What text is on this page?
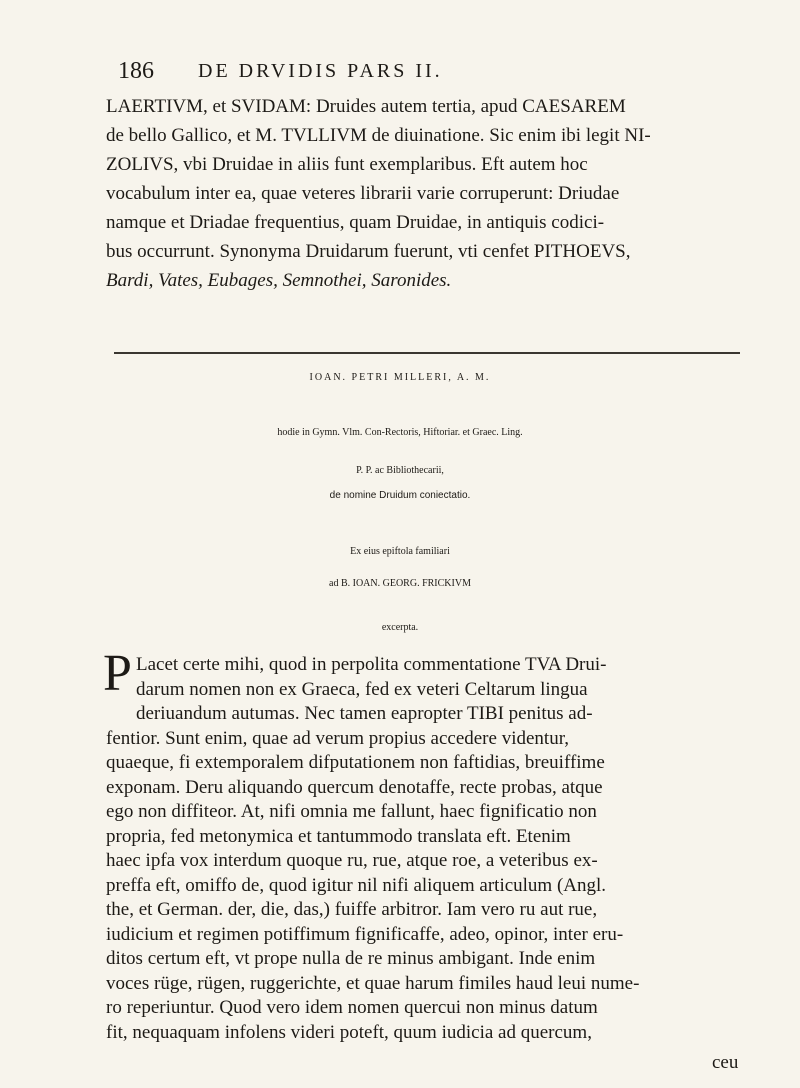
186 DE DRVIDIS PARS II.
LAERTIVM, et SVIDAM: Druides autem tertia, apud CAESAREM
de bello Gallico, et M. TVLLIVM de diuinatione. Sic enim ibi legit NI-
ZOLIVS, vbi Druidae in aliis funt exemplaribus. Eft autem hoc
vocabulum inter ea, quae veteres librarii varie corruperunt: Driudae
namque et Driadae frequentius, quam Druidae, in antiquis codici-
bus occurrunt. Synonyma Druidarum fuerunt, vti cenfet PITHOEVS,
Bardi, Vates, Eubages, Semnothei, Saronides.
IOAN. PETRI MILLERI, A. M.
hodie in Gymn. Vlm. Con-Rectoris, Hiftoriar. et Graec. Ling.
P. P. ac Bibliothecarii,
de nomine Druidum coniectatio.
Ex eius epiftola familiari
ad B. IOAN. GEORG. FRICKIVM
excerpta.
P Lacet certe mihi, quod in perpolita commentatione TVA Drui-
darum nomen non ex Graeca, fed ex veteri Celtarum lingua
deriuandum autumas. Nec tamen eapropter TIBI penitus ad-
fentior. Sunt enim, quae ad verum propius accedere videntur,
quaeque, fi extemporalem difputationem non faftidias, breuiffime
exponam. Deru aliquando quercum denotaffe, recte probas, atque
ego non diffiteor. At, nifi omnia me fallunt, haec fignificatio non
propria, fed metonymica et tantummodo translata eft. Etenim
haec ipfa vox interdum quoque ru, rue, atque roe, a veteribus ex-
preffa eft, omiffo de, quod igitur nil nifi aliquem articulum (Angl.
the, et German. der, die, das,) fuiffe arbitror. Iam vero ru aut rue,
iudicium et regimen potiffimum fignificaffe, adeo, opinor, inter eru-
ditos certum eft, vt prope nulla de re minus ambigant. Inde enim
voces rüge, rügen, ruggerichte, et quae harum fimiles haud leui nume-
ro reperiuntur. Quod vero idem nomen quercui non minus datum
fit, nequaquam infolens videri poteft, quum iudicia ad quercum,
ceu
